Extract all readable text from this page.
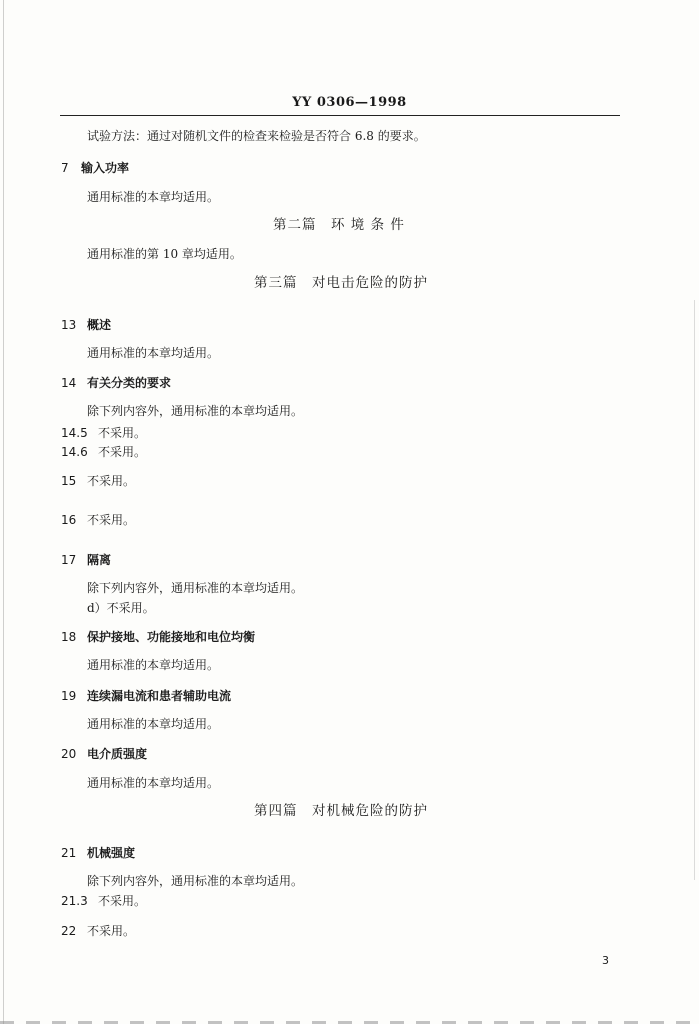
YY 0306—1998
试验方法：通过对随机文件的检查来检验是否符合 6.8 的要求。
7 输入功率
通用标准的本章均适用。
第二篇　环 境 条 件
通用标准的第 10 章均适用。
第三篇　对电击危险的防护
13 概述
通用标准的本章均适用。
14 有关分类的要求
除下列内容外，通用标准的本章均适用。
14.5 不采用。
14.6 不采用。
15 不采用。
16 不采用。
17 隔离
除下列内容外，通用标准的本章均适用。
d）不采用。
18 保护接地、功能接地和电位均衡
通用标准的本章均适用。
19 连续漏电流和患者辅助电流
通用标准的本章均适用。
20 电介质强度
通用标准的本章均适用。
第四篇　对机械危险的防护
21 机械强度
除下列内容外，通用标准的本章均适用。
21.3 不采用。
22 不采用。
3
